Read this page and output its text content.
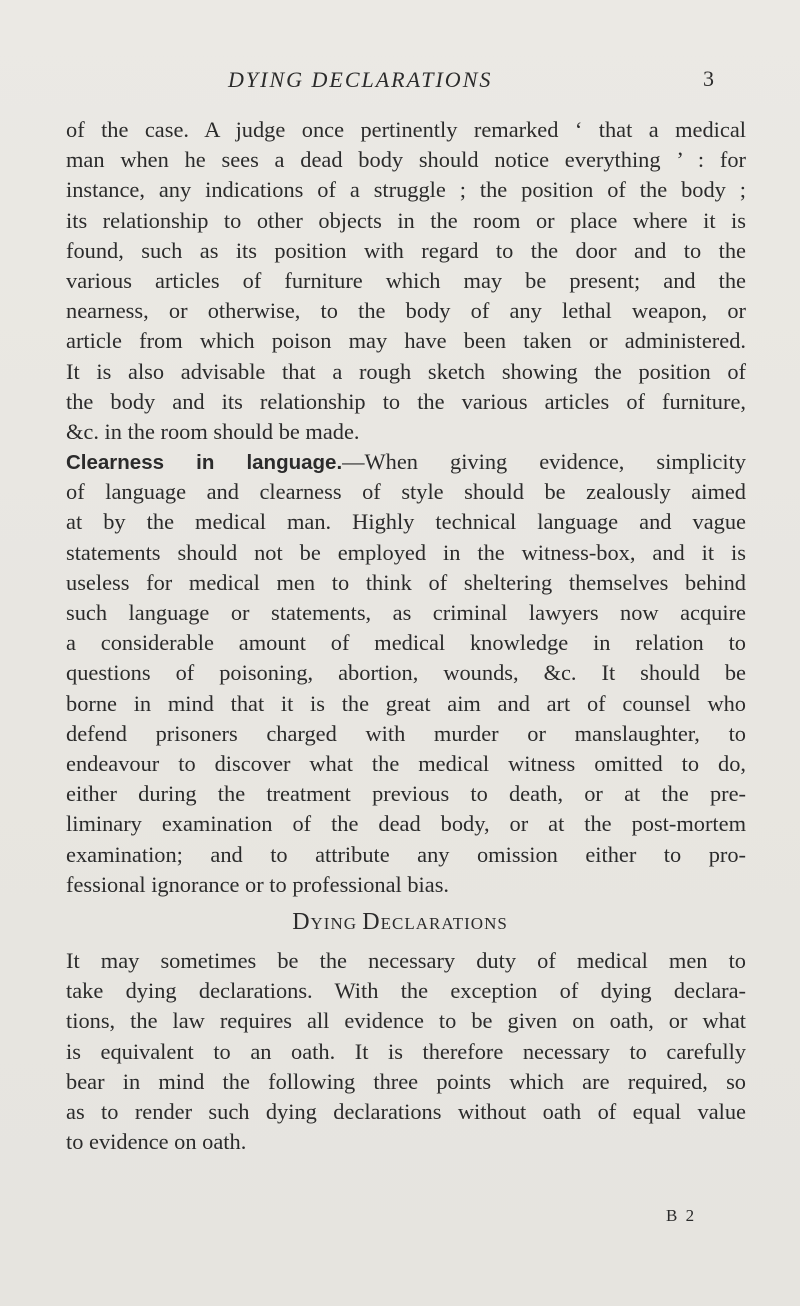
DYING DECLARATIONS	3
of the case. A judge once pertinently remarked ‘ that a medical
man when he sees a dead body should notice everything ’ : for
instance, any indications of a struggle ; the position of the body ;
its relationship to other objects in the room or place where it is
found, such as its position with regard to the door and to the
various articles of furniture which may be present; and the
nearness, or otherwise, to the body of any lethal weapon, or
article from which poison may have been taken or administered.
It is also advisable that a rough sketch showing the position of
the body and its relationship to the various articles of furniture,
&c. in the room should be made.
Clearness in language.—When giving evidence, simplicity
of language and clearness of style should be zealously aimed
at by the medical man. Highly technical language and vague
statements should not be employed in the witness-box, and it is
useless for medical men to think of sheltering themselves behind
such language or statements, as criminal lawyers now acquire
a considerable amount of medical knowledge in relation to
questions of poisoning, abortion, wounds, &c. It should be
borne in mind that it is the great aim and art of counsel who
defend prisoners charged with murder or manslaughter, to
endeavour to discover what the medical witness omitted to do,
either during the treatment previous to death, or at the pre-
liminary examination of the dead body, or at the post-mortem
examination; and to attribute any omission either to pro-
fessional ignorance or to professional bias.
DYING DECLARATIONS
It may sometimes be the necessary duty of medical men to
take dying declarations. With the exception of dying declara-
tions, the law requires all evidence to be given on oath, or what
is equivalent to an oath. It is therefore necessary to carefully
bear in mind the following three points which are required, so
as to render such dying declarations without oath of equal value
to evidence on oath.
B 2
